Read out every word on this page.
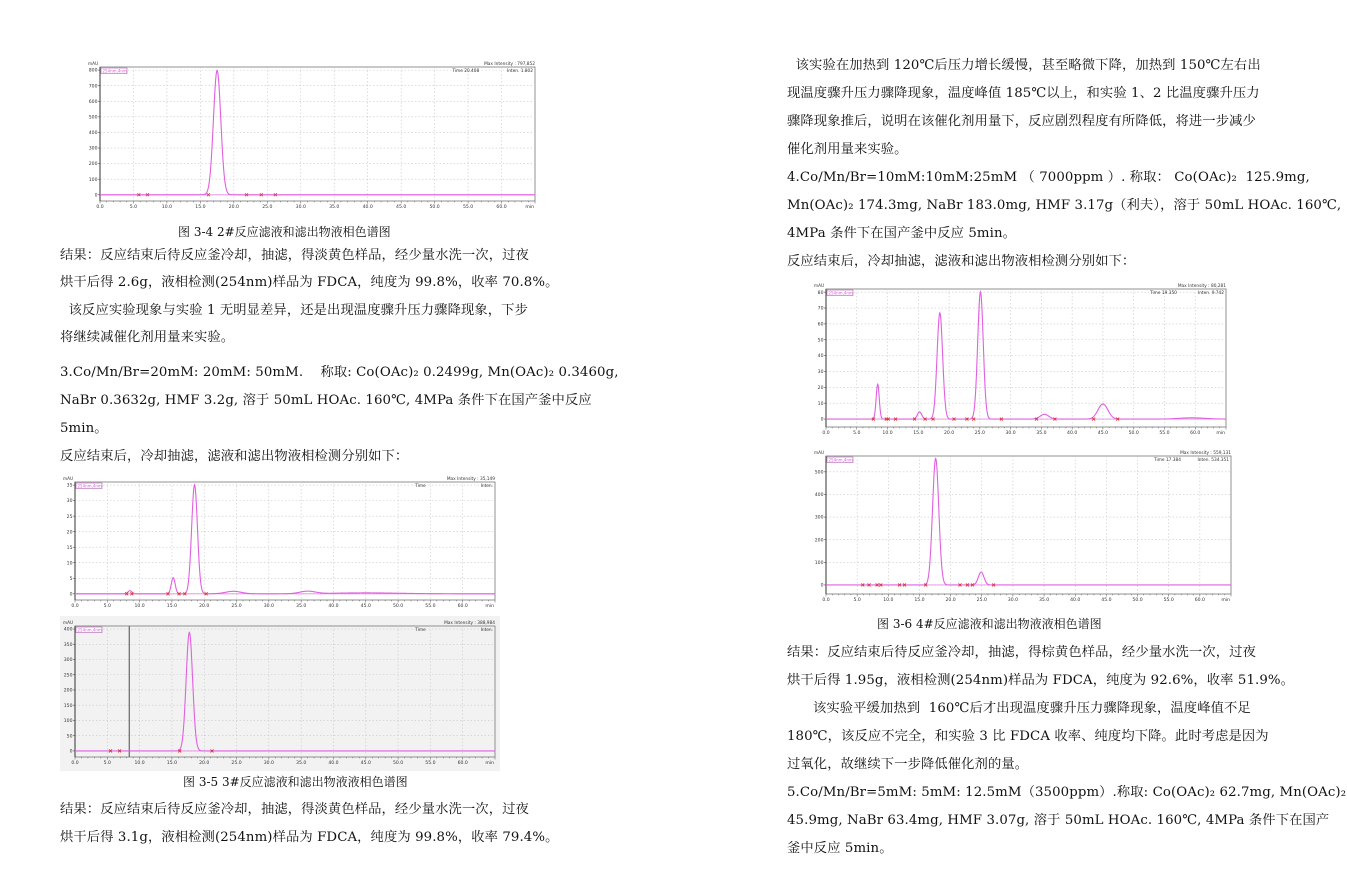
0.0	5.0	10.0	15.0	20.0	25.0	30.0	35.0	40.0	45.0	50.0	55.0	60.0	min
0
100
200
300
400
500
600
700
800
mAU	Max Intensity : 797,852
Time 20.408	Inten. 1.802
254nm,4nm
图 3-4 2#反应滤液和滤出物液相色谱图
结果：反应结束后待反应釜冷却，抽滤，得淡黄色样品，经少量水洗一次，过夜
烘干后得 2.6g，液相检测(254nm)样品为 FDCA，纯度为 99.8%，收率 70.8%。
该反应实验现象与实验 1 无明显差异，还是出现温度骤升压力骤降现象，下步
将继续减催化剂用量来实验。
3.Co/Mn/Br=20mM: 20mM: 50mM.    称取: Co(OAc)₂ 0.2499g, Mn(OAc)₂ 0.3460g,
NaBr 0.3632g, HMF 3.2g, 溶于 50mL HOAc. 160℃, 4MPa 条件下在国产釜中反应
5min。
反应结束后，冷却抽滤，滤液和滤出物液相检测分别如下：
0.0	5.0	10.0	15.0	20.0	25.0	30.0	35.0	40.0	45.0	50.0	55.0	60.0	min
0
5
10
15
20
25
30
35
mAU	Max Intensity : 35,149
Time	Inten.
254nm,4nm
0.0	5.0	10.0	15.0	20.0	25.0	30.0	35.0	40.0	45.0	50.0	55.0	60.0	min
0
50
100
150
200
250
300
350
400
mAU	Max Intensity : 388,984
Time	Inten.
254nm,4nm
图 3-5 3#反应滤液和滤出物液液相色谱图
结果：反应结束后待反应釜冷却，抽滤，得淡黄色样品，经少量水洗一次，过夜
烘干后得 3.1g，液相检测(254nm)样品为 FDCA，纯度为 99.8%，收率 79.4%。
该实验在加热到 120℃后压力增长缓慢，甚至略微下降，加热到 150℃左右出
现温度骤升压力骤降现象，温度峰值 185℃以上，和实验 1、2 比温度骤升压力
骤降现象推后，说明在该催化剂用量下，反应剧烈程度有所降低，将进一步减少
催化剂用量来实验。
4.Co/Mn/Br=10mM:10mM:25mM （ 7000ppm ）. 称取： Co(OAc)₂  125.9mg,
Mn(OAc)₂ 174.3mg, NaBr 183.0mg, HMF 3.17g（利夫），溶于 50mL HOAc. 160℃,
4MPa 条件下在国产釜中反应 5min。
反应结束后，冷却抽滤，滤液和滤出物液相检测分别如下：
0.0	5.0	10.0	15.0	20.0	25.0	30.0	35.0	40.0	45.0	50.0	55.0	60.0	min
0
10
20
30
40
50
60
70
80
mAU	Max Intensity : 80,281
Time 19.350	Inten. 9.742
254nm,4nm
0.0	5.0	10.0	15.0	20.0	25.0	30.0	35.0	40.0	45.0	50.0	55.0	60.0	min
0
100
200
300
400
500
mAU	Max Intensity : 559,131
Time 17.384	Inten. 534.351
254nm,4nm
图 3-6 4#反应滤液和滤出物液液相色谱图
结果：反应结束后待反应釜冷却，抽滤，得棕黄色样品，经少量水洗一次，过夜
烘干后得 1.95g，液相检测(254nm)样品为 FDCA，纯度为 92.6%，收率 51.9%。
该实验平缓加热到  160℃后才出现温度骤升压力骤降现象，温度峰值不足
180℃，该反应不完全，和实验 3 比 FDCA 收率、纯度均下降。此时考虑是因为
过氧化，故继续下一步降低催化剂的量。
5.Co/Mn/Br=5mM: 5mM: 12.5mM（3500ppm）.称取: Co(OAc)₂ 62.7mg, Mn(OAc)₂
45.9mg, NaBr 63.4mg, HMF 3.07g, 溶于 50mL HOAc. 160℃, 4MPa 条件下在国产
釜中反应 5min。
